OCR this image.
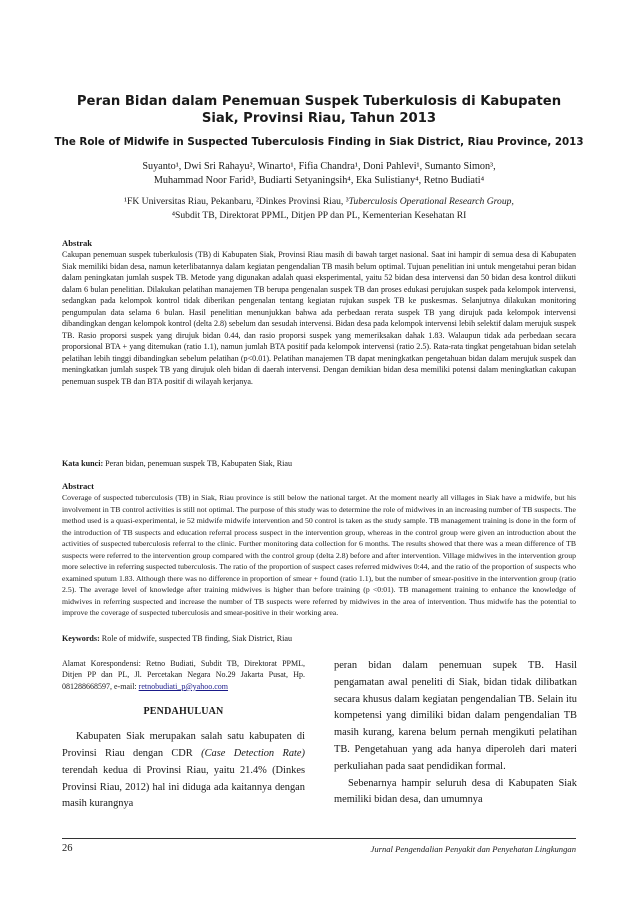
Peran Bidan dalam Penemuan Suspek Tuberkulosis di Kabupaten Siak, Provinsi Riau, Tahun 2013
The Role of Midwife in Suspected Tuberculosis Finding in Siak District, Riau Province, 2013
Suyanto¹, Dwi Sri Rahayu², Winarto¹, Fifia Chandra¹, Doni Pahlevi¹, Sumanto Simon³,
Muhammad Noor Farid³, Budiarti Setyaningsih⁴, Eka Sulistiany⁴, Retno Budiati⁴
¹FK Universitas Riau, Pekanbaru, ²Dinkes Provinsi Riau, ³Tuberculosis Operational Research Group,
⁴Subdit TB, Direktorat PPML, Ditjen PP dan PL, Kementerian Kesehatan RI

Abstrak

Cakupan penemuan suspek tuberkulosis (TB) di Kabupaten Siak, Provinsi Riau masih di bawah target nasional. Saat ini hampir di semua desa di Kabupaten Siak memiliki bidan desa, namun keterlibatannya dalam kegiatan pengendalian TB masih belum optimal. Tujuan penelitian ini untuk mengetahui peran bidan dalam peningkatan jumlah suspek TB. Metode yang digunakan adalah quasi eksperimental, yaitu 52 bidan desa intervensi dan 50 bidan desa kontrol diikuti dalam 6 bulan penelitian. Dilakukan pelatihan manajemen TB berupa pengenalan suspek TB dan proses edukasi perujukan suspek pada kelompok intervensi, sedangkan pada kelompok kontrol tidak diberikan pengenalan tentang kegiatan rujukan suspek TB ke puskesmas. Selanjutnya dilakukan monitoring pengumpulan data selama 6 bulan. Hasil penelitian menunjukkan bahwa ada perbedaan rerata suspek TB yang dirujuk pada kelompok intervensi dibandingkan dengan kelompok kontrol (delta 2.8) sebelum dan sesudah intervensi. Bidan desa pada kelompok intervensi lebih selektif dalam merujuk suspek TB. Rasio proporsi suspek yang dirujuk bidan 0.44, dan rasio proporsi suspek yang memeriksakan dahak 1.83. Walaupun tidak ada perbedaan secara proporsional BTA + yang ditemukan (ratio 1.1), namun jumlah BTA positif pada kelompok intervensi (ratio 2.5). Rata-rata tingkat pengetahuan bidan setelah pelatihan lebih tinggi dibandingkan sebelum pelatihan (p<0.01). Pelatihan manajemen TB dapat meningkatkan pengetahuan bidan dalam merujuk suspek dan meningkatkan jumlah suspek TB yang dirujuk oleh bidan di daerah intervensi. Dengan demikian bidan desa memiliki potensi dalam meningkatkan cakupan penemuan suspek TB dan BTA positif di wilayah kerjanya.

Kata kunci: Peran bidan, penemuan suspek TB, Kabupaten Siak, Riau

Abstract

Coverage of suspected tuberculosis (TB) in Siak, Riau province is still below the national target. At the moment nearly all villages in Siak have a midwife, but his involvement in TB control activities is still not optimal. The purpose of this study was to determine the role of midwives in an increasing number of TB suspects. The method used is a quasi-experimental, ie 52 midwife midwife intervention and 50 control is taken as the study sample. TB management training is done in the form of the introduction of TB suspects and education referral process suspect in the intervention group, whereas in the control group were given an introduction about the activities of suspected tuberculosis referral to the clinic. Further monitoring data collection for 6 months. The results showed that there was a mean difference of TB suspects were referred to the intervention group compared with the control group (delta 2.8) before and after intervention. Village midwives in the intervention group more selective in referring suspected tuberculosis. The ratio of the proportion of suspect cases referred midwives 0:44, and the ratio of the proportion of suspects who examined sputum 1.83. Although there was no difference in proportion of smear + found (ratio 1.1), but the number of smear-positive in the intervention group (ratio 2.5). The average level of knowledge after training midwives is higher than before training (p <0:01). TB management training to enhance the knowledge of midwives in referring suspected and increase the number of TB suspects were referred by midwives in the area of intervention. Thus midwife has the potential to improve the coverage of suspected tuberculosis and smear-positive in their working area.

Keywords: Role of midwife, suspected TB finding, Siak District, Riau

Alamat Korespondensi: Retno Budiati, Subdit TB, Direktorat PPML, Ditjen PP dan PL, Jl. Percetakan Negara No.29 Jakarta Pusat, Hp. 081288668597, e-mail: retnobudiati_p@yahoo.com

PENDAHULUAN

Kabupaten Siak merupakan salah satu kabupaten di Provinsi Riau dengan CDR (Case Detection Rate) terendah kedua di Provinsi Riau, yaitu 21.4% (Dinkes Provinsi Riau, 2012) hal ini diduga ada kaitannya dengan masih kurangnya

peran bidan dalam penemuan supek TB. Hasil pengamatan awal peneliti di Siak, bidan tidak dilibatkan secara khusus dalam kegiatan pengendalian TB. Selain itu kompetensi yang dimiliki bidan dalam pengendalian TB masih kurang, karena belum pernah mengikuti pelatihan TB. Pengetahuan yang ada hanya diperoleh dari materi perkuliahan pada saat pendidikan formal.

Sebenarnya hampir seluruh desa di Kabupaten Siak memiliki bidan desa, dan umumnya

26	Jurnal Pengendalian Penyakit dan Penyehatan Lingkungan
